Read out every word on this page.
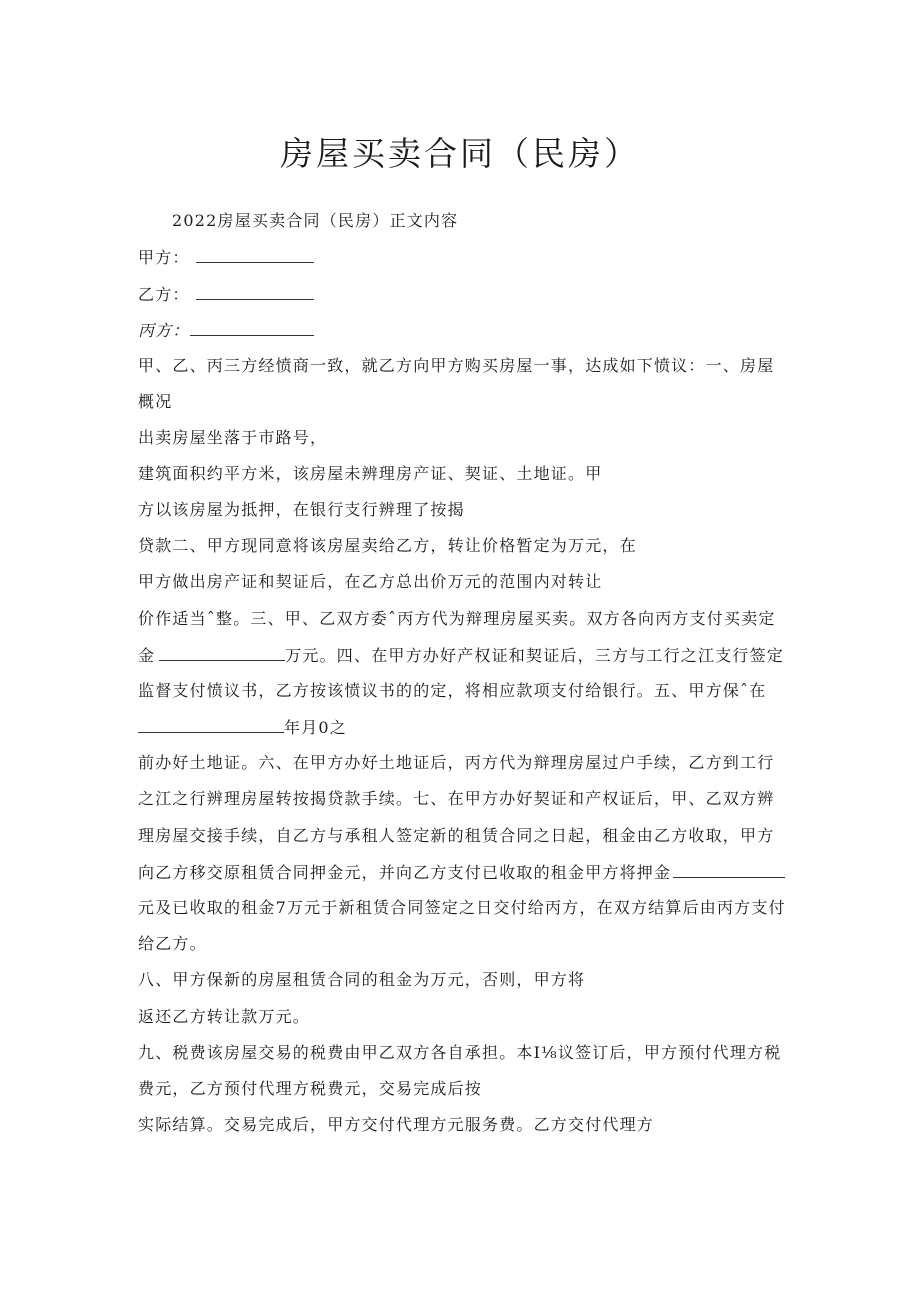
房屋买卖合同（民房）
2022房屋买卖合同（民房）正文内容
甲方：
乙方：
丙方：
甲、乙、丙三方经愤商一致，就乙方向甲方购买房屋一事，达成如下愤议：一、房屋
概况
出卖房屋坐落于市路号，
建筑面积约平方米，该房屋未辨理房产证、契证、土地证。甲
方以该房屋为抵押，在银行支行辨理了按揭
贷款二、甲方现同意将该房屋卖给乙方，转让价格暂定为万元，在
甲方做出房产证和契证后，在乙方总出价万元的范围内对转让
价作适当ˆ整。三、甲、乙双方委ˆ丙方代为辩理房屋买卖。双方各向丙方支付买卖定
金	万元。四、在甲方办好产权证和契证后，三方与工行之江支行签定
监督支付愤议书，乙方按该愤议书的的定，将相应款项支付给银行。五、甲方保ˆ在
年月0之
前办好土地证。六、在甲方办好土地证后，丙方代为辩理房屋过户手续，乙方到工行
之江之行辨理房屋转按揭贷款手续。七、在甲方办好契证和产权证后，甲、乙双方辨
理房屋交接手续，自乙方与承租人签定新的租赁合同之日起，租金由乙方收取，甲方
向乙方移交原租赁合同押金元，并向乙方支付已收取的租金甲方将押金
元及已收取的租金7万元于新租赁合同签定之日交付给丙方，在双方结算后由丙方支付
给乙方。
八、甲方保新的房屋租赁合同的租金为万元，否则，甲方将
返还乙方转让款万元。
九、税费该房屋交易的税费由甲乙双方各自承担。本I⅛议签订后，甲方预付代理方税
费元，乙方预付代理方税费元，交易完成后按
实际结算。交易完成后，甲方交付代理方元服务费。乙方交付代理方
